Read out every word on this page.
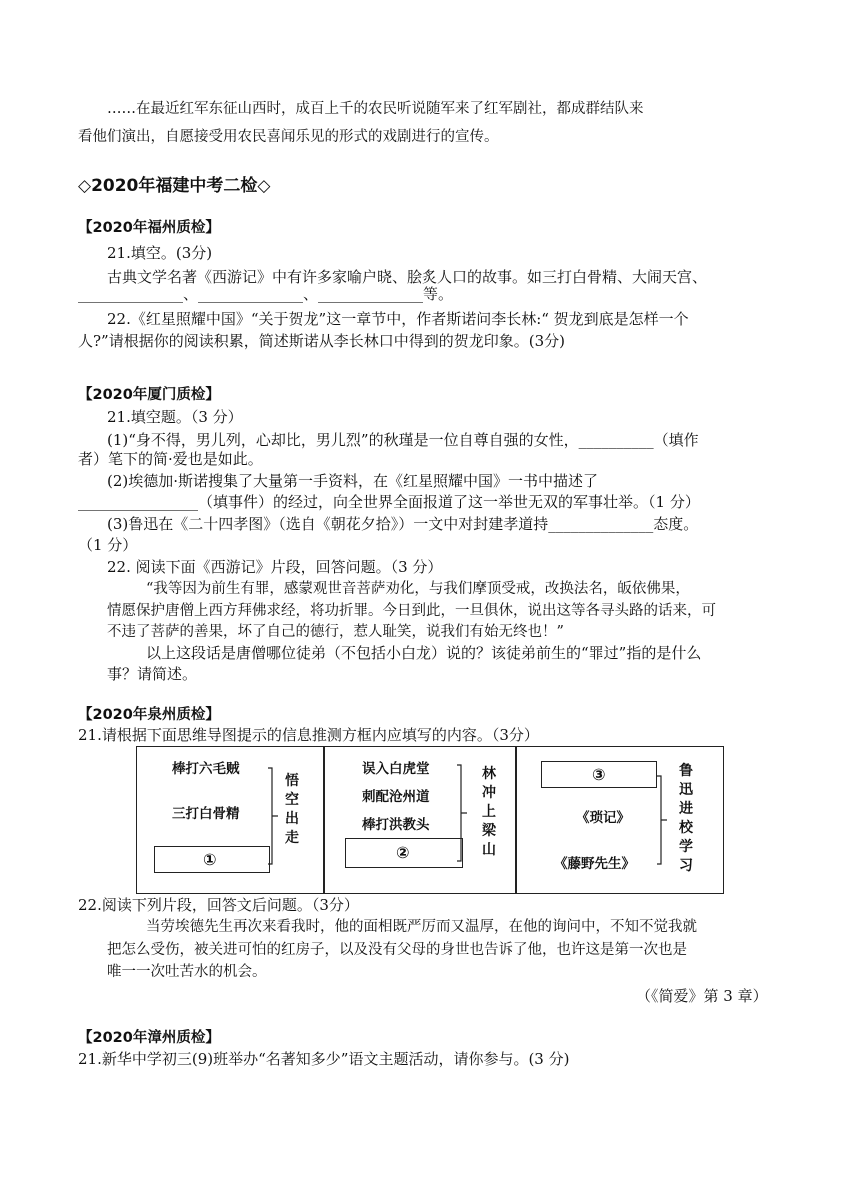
……在最近红军东征山西时，成百上千的农民听说随军来了红军剧社，都成群结队来
看他们演出，自愿接受用农民喜闻乐见的形式的戏剧进行的宣传。
◇2020年福建中考二检◇
【2020年福州质检】
21.填空。(3分)
古典文学名著《西游记》中有许多家喻户晓、脍炙人口的故事。如三打白骨精、大闹天宫、
______________、______________、______________等。
22.《红星照耀中国》“关于贺龙”这一章节中，作者斯诺问李长林:“ 贺龙到底是怎样一个
人?”请根据你的阅读积累，简述斯诺从李长林口中得到的贺龙印象。(3分)
【2020年厦门质检】
21.填空题。（3 分）
(1)“身不得，男儿列，心却比，男儿烈”的秋瑾是一位自尊自强的女性，__________（填作
者）笔下的简·爱也是如此。
(2)埃德加·斯诺搜集了大量第一手资料，在《红星照耀中国》一书中描述了
________________（填事件）的经过，向全世界全面报道了这一举世无双的军事壮举。（1 分）
(3)鲁迅在《二十四孝图》（选自《朝花夕拾》）一文中对封建孝道持______________态度。
（1 分）
22. 阅读下面《西游记》片段，回答问题。（3 分）
“我等因为前生有罪，感蒙观世音菩萨劝化，与我们摩顶受戒，改换法名，皈依佛果，
情愿保护唐僧上西方拜佛求经，将功折罪。今日到此，一旦俱休，说出这等各寻头路的话来，可
不违了菩萨的善果，坏了自己的德行，惹人耻笑，说我们有始无终也！”
以上这段话是唐僧哪位徒弟（不包括小白龙）说的？该徒弟前生的“罪过”指的是什么
事？请简述。
【2020年泉州质检】
21.请根据下面思维导图提示的信息推测方框内应填写的内容。（3分）
棒打六毛贼
三打白骨精
①
悟空出走
误入白虎堂
刺配沧州道
棒打洪教头
②
林冲上梁山
③
《琐记》
《藤野先生》
鲁迅进校学习
22.阅读下列片段，回答文后问题。（3分）
当劳埃德先生再次来看我时，他的面相既严厉而又温厚，在他的询问中，不知不觉我就
把怎么受伤，被关进可怕的红房子，以及没有父母的身世也告诉了他，也许这是第一次也是
唯一一次吐苦水的机会。
（《简爱》第 3 章）
【2020年漳州质检】
21.新华中学初三(9)班举办“名著知多少”语文主题活动，请你参与。(3 分)
